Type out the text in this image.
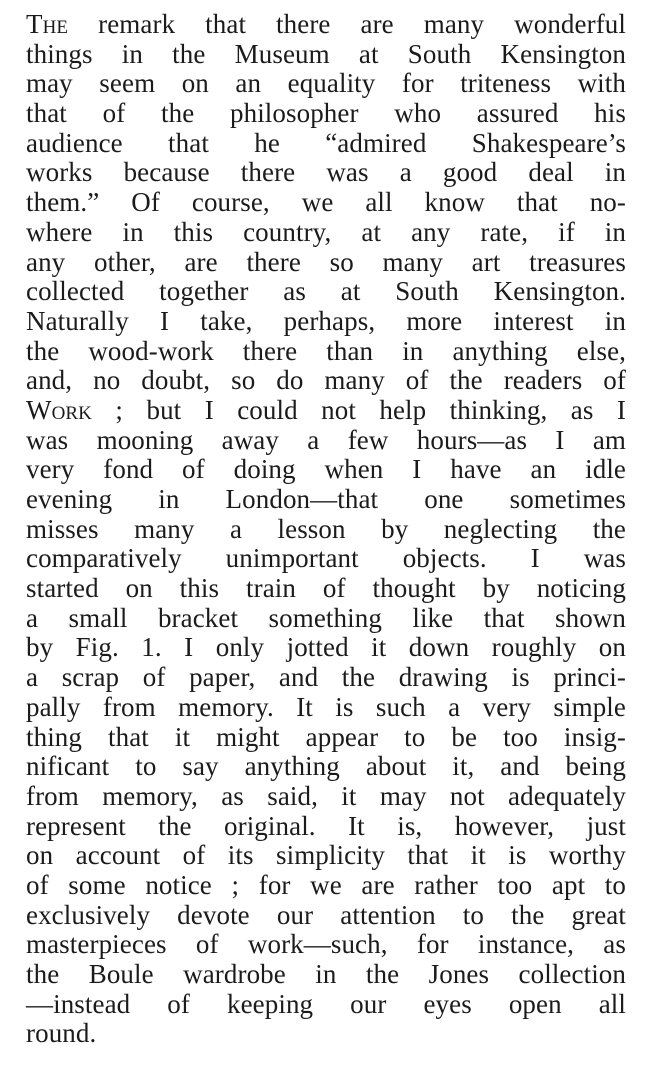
The remark that there are many wonderful
things in the Museum at South Kensington
may seem on an equality for triteness with
that of the philosopher who assured his
audience that he “admired Shakespeare’s
works because there was a good deal in
them.” Of course, we all know that no-
where in this country, at any rate, if in
any other, are there so many art treasures
collected together as at South Kensington.
Naturally I take, perhaps, more interest in
the wood-work there than in anything else,
and, no doubt, so do many of the readers of
Work ; but I could not help thinking, as I
was mooning away a few hours—as I am
very fond of doing when I have an idle
evening in London—that one sometimes
misses many a lesson by neglecting the
comparatively unimportant objects. I was
started on this train of thought by noticing
a small bracket something like that shown
by Fig. 1. I only jotted it down roughly on
a scrap of paper, and the drawing is princi-
pally from memory. It is such a very simple
thing that it might appear to be too insig-
nificant to say anything about it, and being
from memory, as said, it may not adequately
represent the original. It is, however, just
on account of its simplicity that it is worthy
of some notice ; for we are rather too apt to
exclusively devote our attention to the great
masterpieces of work—such, for instance, as
the Boule wardrobe in the Jones collection
—instead of keeping our eyes open all
round.
